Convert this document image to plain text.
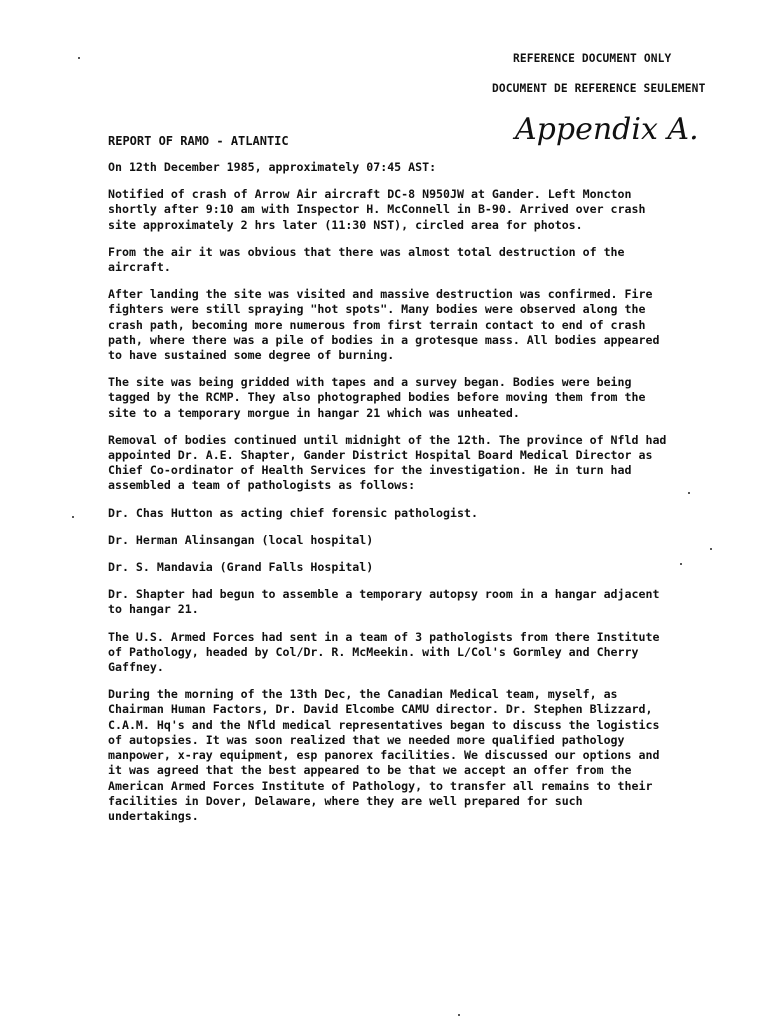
REFERENCE DOCUMENT ONLY
DOCUMENT DE REFERENCE SEULEMENT
REPORT OF RAMO - ATLANTIC	Appendix A.

On 12th December 1985, approximately 07:45 AST:

Notified of crash of Arrow Air aircraft DC-8 N950JW at Gander. Left Moncton shortly after 9:10 am with Inspector H. McConnell in B-90. Arrived over crash site approximately 2 hrs later (11:30 NST), circled area for photos.

From the air it was obvious that there was almost total destruction of the aircraft.

After landing the site was visited and massive destruction was confirmed. Fire fighters were still spraying "hot spots". Many bodies were observed along the crash path, becoming more numerous from first terrain contact to end of crash path, where there was a pile of bodies in a grotesque mass. All bodies appeared to have sustained some degree of burning.

The site was being gridded with tapes and a survey began. Bodies were being tagged by the RCMP. They also photographed bodies before moving them from the site to a temporary morgue in hangar 21 which was unheated.

Removal of bodies continued until midnight of the 12th. The province of Nfld had appointed Dr. A.E. Shapter, Gander District Hospital Board Medical Director as Chief Co-ordinator of Health Services for the investigation. He in turn had assembled a team of pathologists as follows:

Dr. Chas Hutton as acting chief forensic pathologist.

Dr. Herman Alinsangan (local hospital)

Dr. S. Mandavia (Grand Falls Hospital)

Dr. Shapter had begun to assemble a temporary autopsy room in a hangar adjacent to hangar 21.

The U.S. Armed Forces had sent in a team of 3 pathologists from there Institute of Pathology, headed by Col/Dr. R. McMeekin. with L/Col's Gormley and Cherry Gaffney.

During the morning of the 13th Dec, the Canadian Medical team, myself, as Chairman Human Factors, Dr. David Elcombe CAMU director. Dr. Stephen Blizzard, C.A.M. Hq's and the Nfld medical representatives began to discuss the logistics of autopsies. It was soon realized that we needed more qualified pathology manpower, x-ray equipment, esp panorex facilities. We discussed our options and it was agreed that the best appeared to be that we accept an offer from the American Armed Forces Institute of Pathology, to transfer all remains to their facilities in Dover, Delaware, where they are well prepared for such undertakings.
